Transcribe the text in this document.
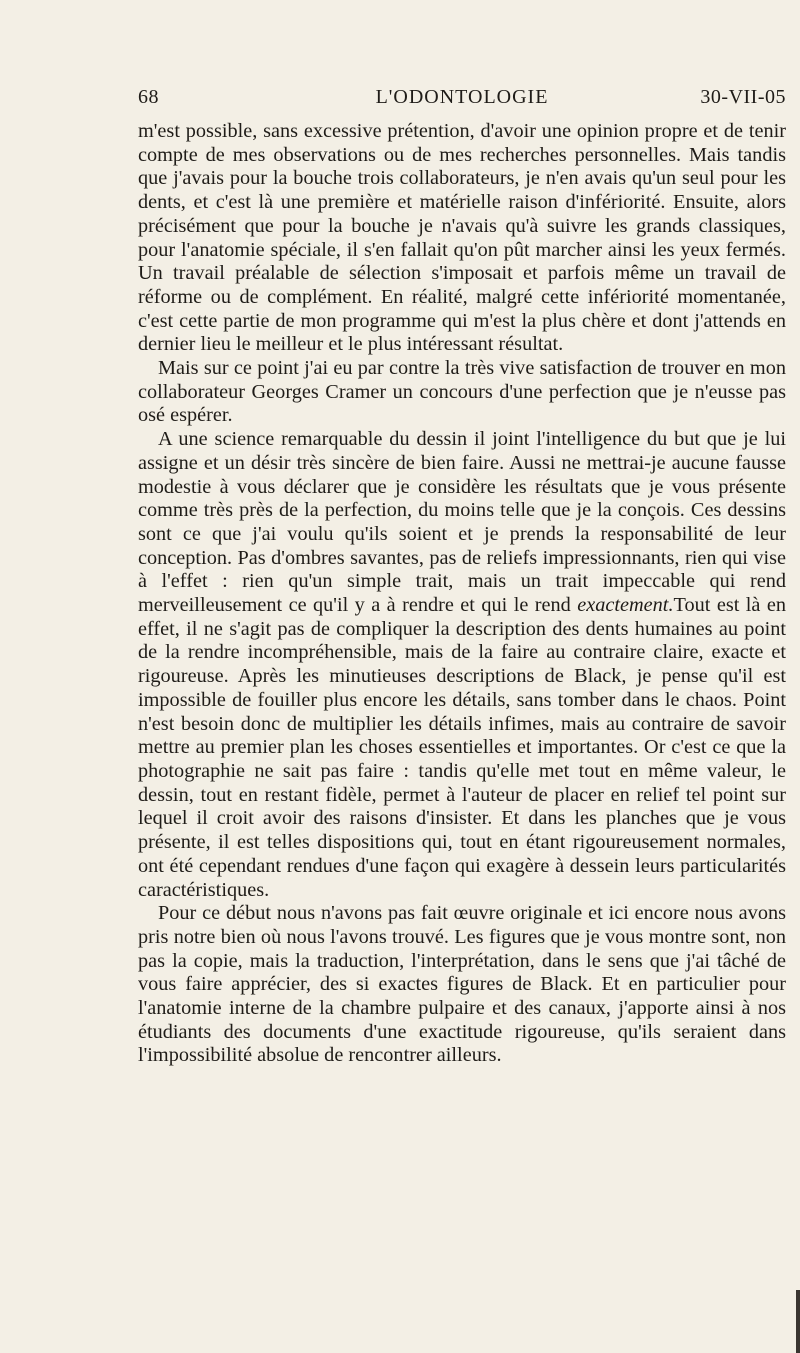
68	L'ODONTOLOGIE	30-VII-05

m'est possible, sans excessive prétention, d'avoir une opinion propre et de tenir compte de mes observations ou de mes recherches personnelles. Mais tandis que j'avais pour la bouche trois collaborateurs, je n'en avais qu'un seul pour les dents, et c'est là une première et matérielle raison d'infériorité. Ensuite, alors précisément que pour la bouche je n'avais qu'à suivre les grands classiques, pour l'anatomie spéciale, il s'en fallait qu'on pût marcher ainsi les yeux fermés. Un travail préalable de sélection s'imposait et parfois même un travail de réforme ou de complément. En réalité, malgré cette infériorité momentanée, c'est cette partie de mon programme qui m'est la plus chère et dont j'attends en dernier lieu le meilleur et le plus intéressant résultat.

Mais sur ce point j'ai eu par contre la très vive satisfaction de trouver en mon collaborateur Georges Cramer un concours d'une perfection que je n'eusse pas osé espérer.

A une science remarquable du dessin il joint l'intelligence du but que je lui assigne et un désir très sincère de bien faire. Aussi ne mettrai-je aucune fausse modestie à vous déclarer que je considère les résultats que je vous présente comme très près de la perfection, du moins telle que je la conçois. Ces dessins sont ce que j'ai voulu qu'ils soient et je prends la responsabilité de leur conception. Pas d'ombres savantes, pas de reliefs impressionnants, rien qui vise à l'effet : rien qu'un simple trait, mais un trait impeccable qui rend merveilleusement ce qu'il y a à rendre et qui le rend exactement.Tout est là en effet, il ne s'agit pas de compliquer la description des dents humaines au point de la rendre incompréhensible, mais de la faire au contraire claire, exacte et rigoureuse. Après les minutieuses descriptions de Black, je pense qu'il est impossible de fouiller plus encore les détails, sans tomber dans le chaos. Point n'est besoin donc de multiplier les détails infimes, mais au contraire de savoir mettre au premier plan les choses essentielles et importantes. Or c'est ce que la photographie ne sait pas faire : tandis qu'elle met tout en même valeur, le dessin, tout en restant fidèle, permet à l'auteur de placer en relief tel point sur lequel il croit avoir des raisons d'insister. Et dans les planches que je vous présente, il est telles dispositions qui, tout en étant rigoureusement normales, ont été cependant rendues d'une façon qui exagère à dessein leurs particularités caractéristiques.

Pour ce début nous n'avons pas fait œuvre originale et ici encore nous avons pris notre bien où nous l'avons trouvé. Les figures que je vous montre sont, non pas la copie, mais la traduction, l'interprétation, dans le sens que j'ai tâché de vous faire apprécier, des si exactes figures de Black. Et en particulier pour l'anatomie interne de la chambre pulpaire et des canaux, j'apporte ainsi à nos étudiants des documents d'une exactitude rigoureuse, qu'ils seraient dans l'impossibilité absolue de rencontrer ailleurs.
